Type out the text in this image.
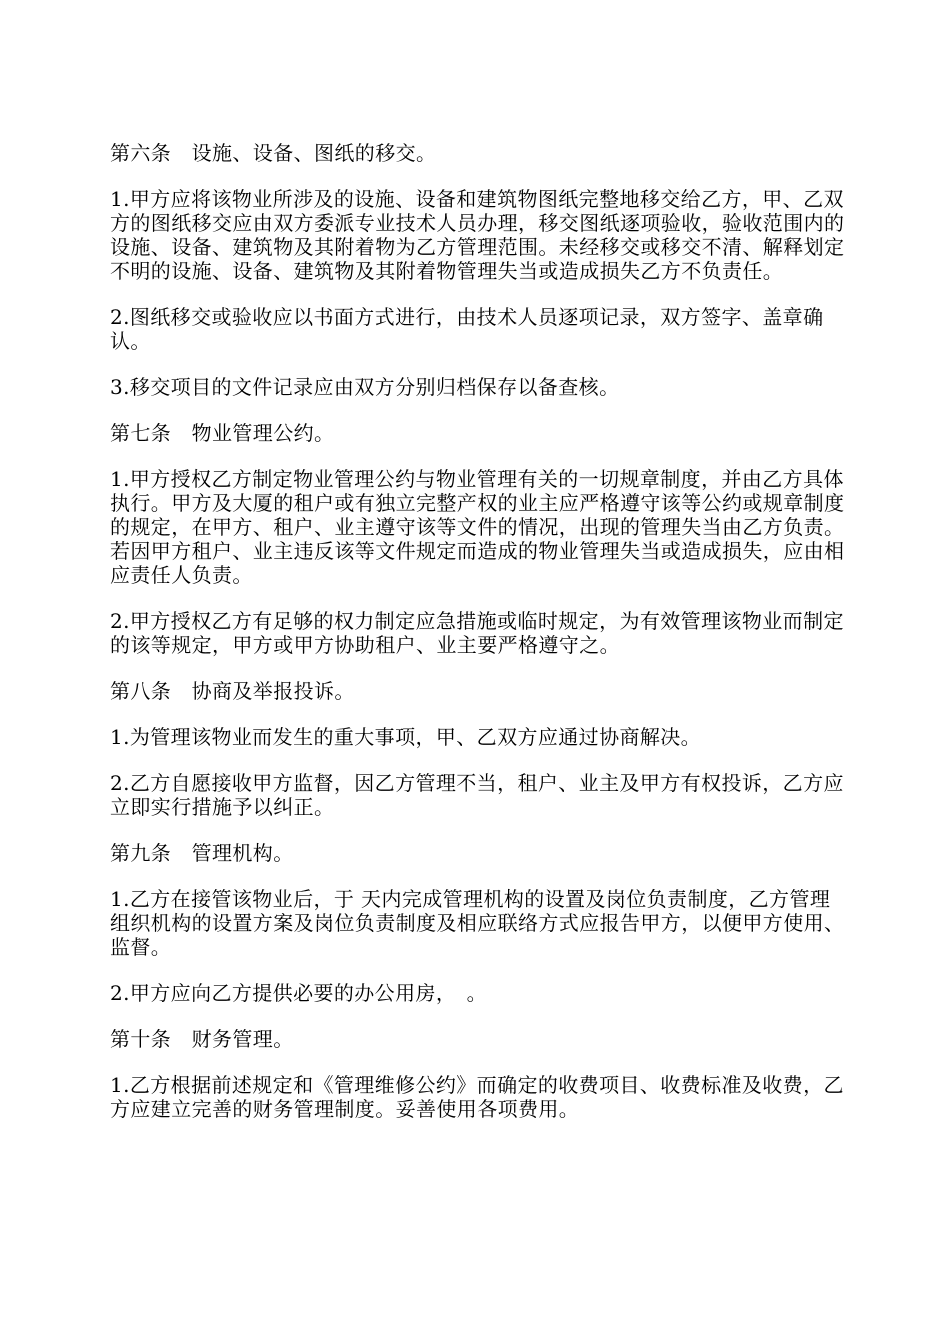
第六条　设施、设备、图纸的移交。

1.甲方应将该物业所涉及的设施、设备和建筑物图纸完整地移交给乙方，甲、乙双方的图纸移交应由双方委派专业技术人员办理，移交图纸逐项验收，验收范围内的设施、设备、建筑物及其附着物为乙方管理范围。未经移交或移交不清、解释划定不明的设施、设备、建筑物及其附着物管理失当或造成损失乙方不负责任。

2.图纸移交或验收应以书面方式进行，由技术人员逐项记录，双方签字、盖章确认。

3.移交项目的文件记录应由双方分别归档保存以备查核。

第七条　物业管理公约。

1.甲方授权乙方制定物业管理公约与物业管理有关的一切规章制度，并由乙方具体执行。甲方及大厦的租户或有独立完整产权的业主应严格遵守该等公约或规章制度的规定，在甲方、租户、业主遵守该等文件的情况，出现的管理失当由乙方负责。若因甲方租户、业主违反该等文件规定而造成的物业管理失当或造成损失，应由相应责任人负责。

2.甲方授权乙方有足够的权力制定应急措施或临时规定，为有效管理该物业而制定的该等规定，甲方或甲方协助租户、业主要严格遵守之。

第八条　协商及举报投诉。

1.为管理该物业而发生的重大事项，甲、乙双方应通过协商解决。

2.乙方自愿接收甲方监督，因乙方管理不当，租户、业主及甲方有权投诉，乙方应立即实行措施予以纠正。

第九条　管理机构。

1.乙方在接管该物业后，于 天内完成管理机构的设置及岗位负责制度，乙方管理组织机构的设置方案及岗位负责制度及相应联络方式应报告甲方，以便甲方使用、监督。

2.甲方应向乙方提供必要的办公用房，　。

第十条　财务管理。

1.乙方根据前述规定和《管理维修公约》而确定的收费项目、收费标准及收费，乙方应建立完善的财务管理制度。妥善使用各项费用。
